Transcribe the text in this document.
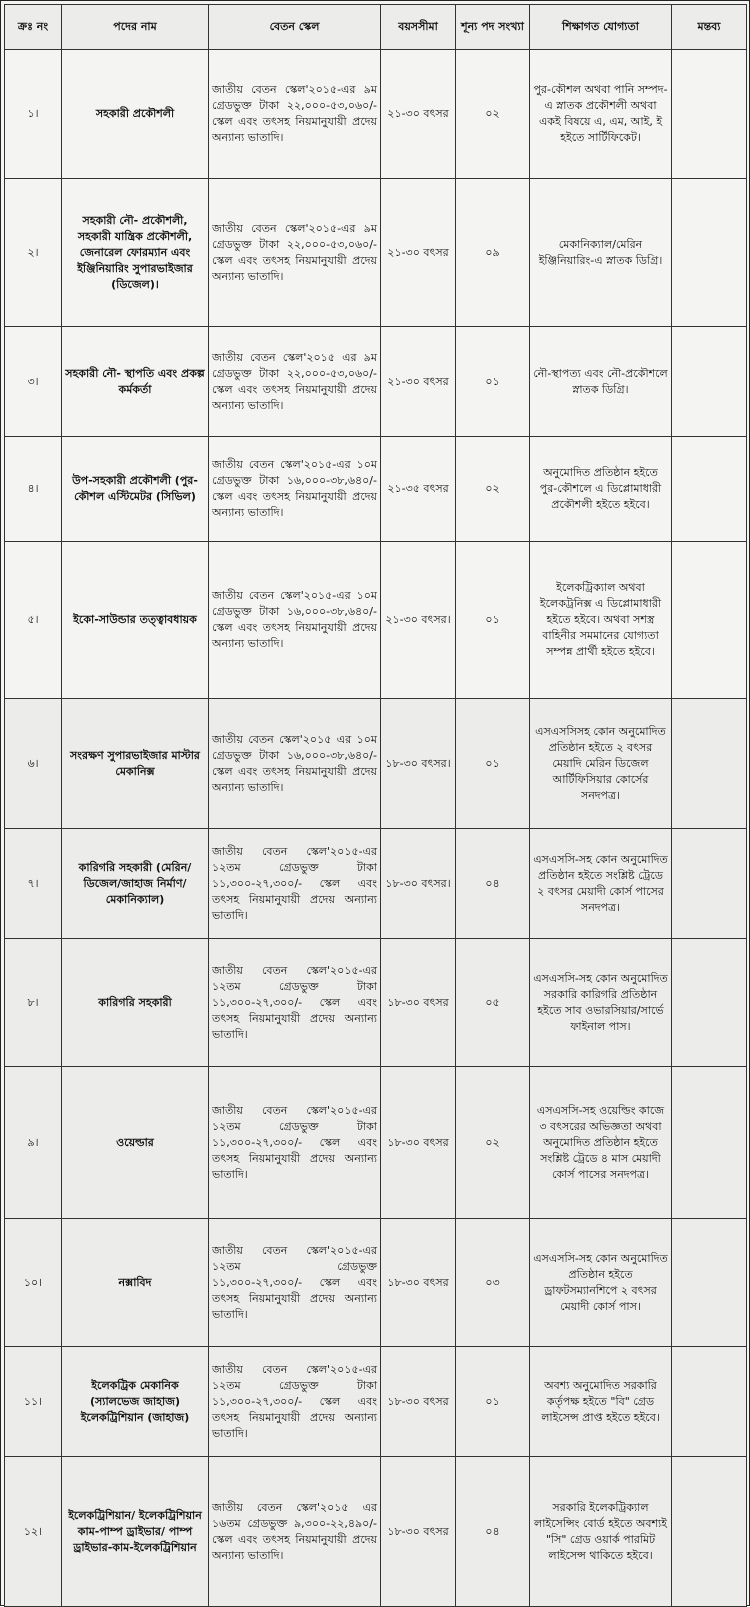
ক্রঃ নং	পদের নাম	বেতন স্কেল	বয়সসীমা	শূন্য পদ সংখ্যা	শিক্ষাগত যোগ্যতা	মন্তব্য
১।	সহকারী প্রকৌশলী	জাতীয় বেতন স্কেল'২০১৫-এর ৯ম গ্রেডভুক্ত টাকা ২২,০০০-৫৩,০৬০/- স্কেল এবং তৎসহ নিয়মানুযায়ী প্রদেয় অন্যান্য ভাতাদি।	২১-৩০ বৎসর	০২	পুর-কৌশল অথবা পানি সম্পদ-এ স্নাতক প্রকৌশলী অথবা একই বিষয়ে এ, এম, আই, ই হইতে সার্টিফিকেট।	
২।	সহকারী নৌ- প্রকৌশলী, সহকারী যান্ত্রিক প্রকৌশলী, জেনারেল ফোরম্যান এবং ইঞ্জিনিয়ারিং সুপারভাইজার (ডিজেল)।	জাতীয় বেতন স্কেল'২০১৫-এর ৯ম গ্রেডভুক্ত টাকা ২২,০০০-৫৩,০৬০/- স্কেল এবং তৎসহ নিয়মানুযায়ী প্রদেয় অন্যান্য ভাতাদি।	২১-৩০ বৎসর	০৯	মেকানিক্যাল/মেরিন ইঞ্জিনিয়ারিং-এ স্নাতক ডিগ্রি।	
৩।	সহকারী নৌ- স্থাপতি এবং প্রকল্প কর্মকর্তা	জাতীয় বেতন স্কেল'২০১৫ এর ৯ম গ্রেডভুক্ত টাকা ২২,০০০-৫৩,০৬০/- স্কেল এবং তৎসহ নিয়মানুযায়ী প্রদেয় অন্যান্য ভাতাদি।	২১-৩০ বৎসর	০১	নৌ-স্থাপত্য এবং নৌ-প্রকৌশলে স্নাতক ডিগ্রি।	
৪।	উপ-সহকারী প্রকৌশলী (পুর-কৌশল এস্টিমেটর (সিভিল)	জাতীয় বেতন স্কেল'২০১৫-এর ১০ম গ্রেডভুক্ত টাকা ১৬,০০০-৩৮,৬৪০/- স্কেল এবং তৎসহ নিয়মানুযায়ী প্রদেয় অন্যান্য ভাতাদি।	২১-৩৫ বৎসর	০২	অনুমোদিত প্রতিষ্ঠান হইতে পুর-কৌশলে এ ডিপ্লোমাধারী প্রকৌশলী হইতে হইবে।	
৫।	ইকো-সাউন্ডার তত্ত্বাবধায়ক	জাতীয় বেতন স্কেল'২০১৫-এর ১০ম গ্রেডভুক্ত টাকা ১৬,০০০-৩৮,৬৪০/- স্কেল এবং তৎসহ নিয়মানুযায়ী প্রদেয় অন্যান্য ভাতাদি।	২১-৩০ বৎসর।	০১	ইলেকট্রিক্যাল অথবা ইলেকট্রনিক্স এ ডিপ্লোমাধারী হইতে হইবে। অথবা সশস্ত্র বাহিনীর সমমানের যোগ্যতা সম্পন্ন প্রার্থী হইতে হইবে।	
৬।	সংরক্ষণ সুপারভাইজার মাস্টার মেকানিক্স	জাতীয় বেতন স্কেল'২০১৫ এর ১০ম গ্রেডভুক্ত টাকা ১৬,০০০-৩৮,৬৪০/- স্কেল এবং তৎসহ নিয়মানুযায়ী প্রদেয় অন্যান্য ভাতাদি।	১৮-৩০ বৎসর।	০১	এসএসসিসহ কোন অনুমোদিত প্রতিষ্ঠান হইতে ২ বৎসর মেয়াদি মেরিন ডিজেল আর্টিফিসিয়ার কোর্সের সনদপত্র।	
৭।	কারিগরি সহকারী (মেরিন/ ডিজেল/জাহাজ নির্মাণ/মেকানিক্যাল)	জাতীয় বেতন স্কেল'২০১৫-এর ১২তম গ্রেডভুক্ত টাকা ১১,৩০০-২৭,৩০০/- স্কেল এবং তৎসহ নিয়মানুযায়ী প্রদেয় অন্যান্য ভাতাদি।	১৮-৩০ বৎসর।	০৪	এসএসসি-সহ কোন অনুমোদিত প্রতিষ্ঠান হইতে সংশ্লিষ্ট ট্রেডে ২ বৎসর মেয়াদী কোর্স পাসের সনদপত্র।	
৮।	কারিগরি সহকারী	জাতীয় বেতন স্কেল'২০১৫-এর ১২তম গ্রেডভুক্ত টাকা ১১,৩০০-২৭,৩০০/- স্কেল এবং তৎসহ নিয়মানুযায়ী প্রদেয় অন্যান্য ভাতাদি।	১৮-৩০ বৎসর	০৫	এসএসসি-সহ কোন অনুমোদিত সরকারি কারিগরি প্রতিষ্ঠান হইতে সাব ওভারসিয়ার/সার্ভে ফাইনাল পাস।	
৯।	ওয়েল্ডার	জাতীয় বেতন স্কেল'২০১৫-এর ১২তম গ্রেডভুক্ত টাকা ১১,৩০০-২৭,৩০০/- স্কেল এবং তৎসহ নিয়মানুযায়ী প্রদেয় অন্যান্য ভাতাদি।	১৮-৩০ বৎসর	০২	এসএসসি-সহ ওয়েল্ডিং কাজে ৩ বৎসরের অভিজ্ঞতা অথবা অনুমোদিত প্রতিষ্ঠান হইতে সংশ্লিষ্ট ট্রেডে ৪ মাস মেয়াদী কোর্স পাসের সনদপত্র।	
১০।	নক্সাবিদ	জাতীয় বেতন স্কেল'২০১৫-এর ১২তম গ্রেডভুক্ত ১১,৩০০-২৭,৩০০/- স্কেল এবং তৎসহ নিয়মানুযায়ী প্রদেয় অন্যান্য ভাতাদি।	১৮-৩০ বৎসর	০৩	এসএসসি-সহ কোন অনুমোদিত প্রতিষ্ঠান হইতে ড্রাফটসম্যানশিপে ২ বৎসর মেয়াদী কোর্স পাস।	
১১।	ইলেকট্রিক মেকানিক (স্যালভেজ জাহাজ) ইলেকট্রিশিয়ান (জাহাজ)	জাতীয় বেতন স্কেল'২০১৫-এর ১২তম গ্রেডভুক্ত টাকা ১১,৩০০-২৭,৩০০/- স্কেল এবং তৎসহ নিয়মানুযায়ী প্রদেয় অন্যান্য ভাতাদি।	১৮-৩০ বৎসর	০১	অবশ্য অনুমোদিত সরকারি কর্তৃপক্ষ হইতে "বি" গ্রেড লাইসেন্স প্রাপ্ত হইতে হইবে।	
১২।	ইলেকট্রিশিয়ান/ ইলেকট্রিশিয়ান কাম-পাম্প ড্রাইভার/ পাম্প ড্রাইভার-কাম-ইলেকট্রিশিয়ান	জাতীয় বেতন স্কেল'২০১৫ এর ১৬তম গ্রেডভুক্ত ৯,৩০০-২২,৪৯০/- স্কেল এবং তৎসহ নিয়মানুযায়ী প্রদেয় অন্যান্য ভাতাদি।	১৮-৩০ বৎসর	০৪	সরকারি ইলেকট্রিক্যাল লাইসেন্সিং বোর্ড হইতে অবশ্যই "সি" গ্রেড ওয়ার্ক পারমিট লাইসেন্স থাকিতে হইবে।	
